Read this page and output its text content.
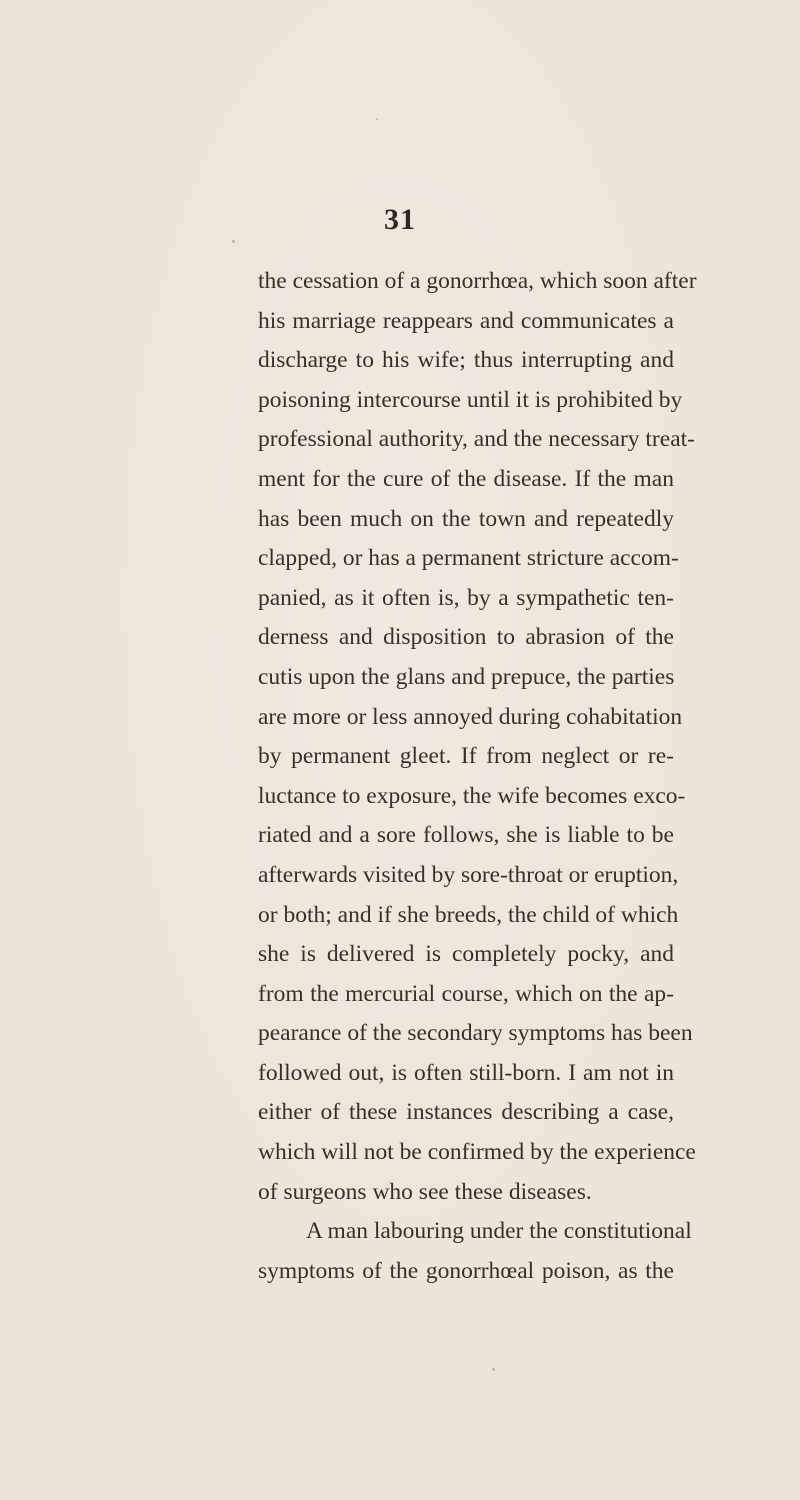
31
the cessation of a gonorrhœa, which soon after
his marriage reappears and communicates a
discharge to his wife; thus interrupting and
poisoning intercourse until it is prohibited by
professional authority, and the necessary treat-
ment for the cure of the disease. If the man
has been much on the town and repeatedly
clapped, or has a permanent stricture accom-
panied, as it often is, by a sympathetic ten-
derness and disposition to abrasion of the
cutis upon the glans and prepuce, the parties
are more or less annoyed during cohabitation
by permanent gleet. If from neglect or re-
luctance to exposure, the wife becomes exco-
riated and a sore follows, she is liable to be
afterwards visited by sore-throat or eruption,
or both; and if she breeds, the child of which
she is delivered is completely pocky, and
from the mercurial course, which on the ap-
pearance of the secondary symptoms has been
followed out, is often still-born. I am not in
either of these instances describing a case,
which will not be confirmed by the experience
of surgeons who see these diseases.
A man labouring under the constitutional
symptoms of the gonorrhœal poison, as the
